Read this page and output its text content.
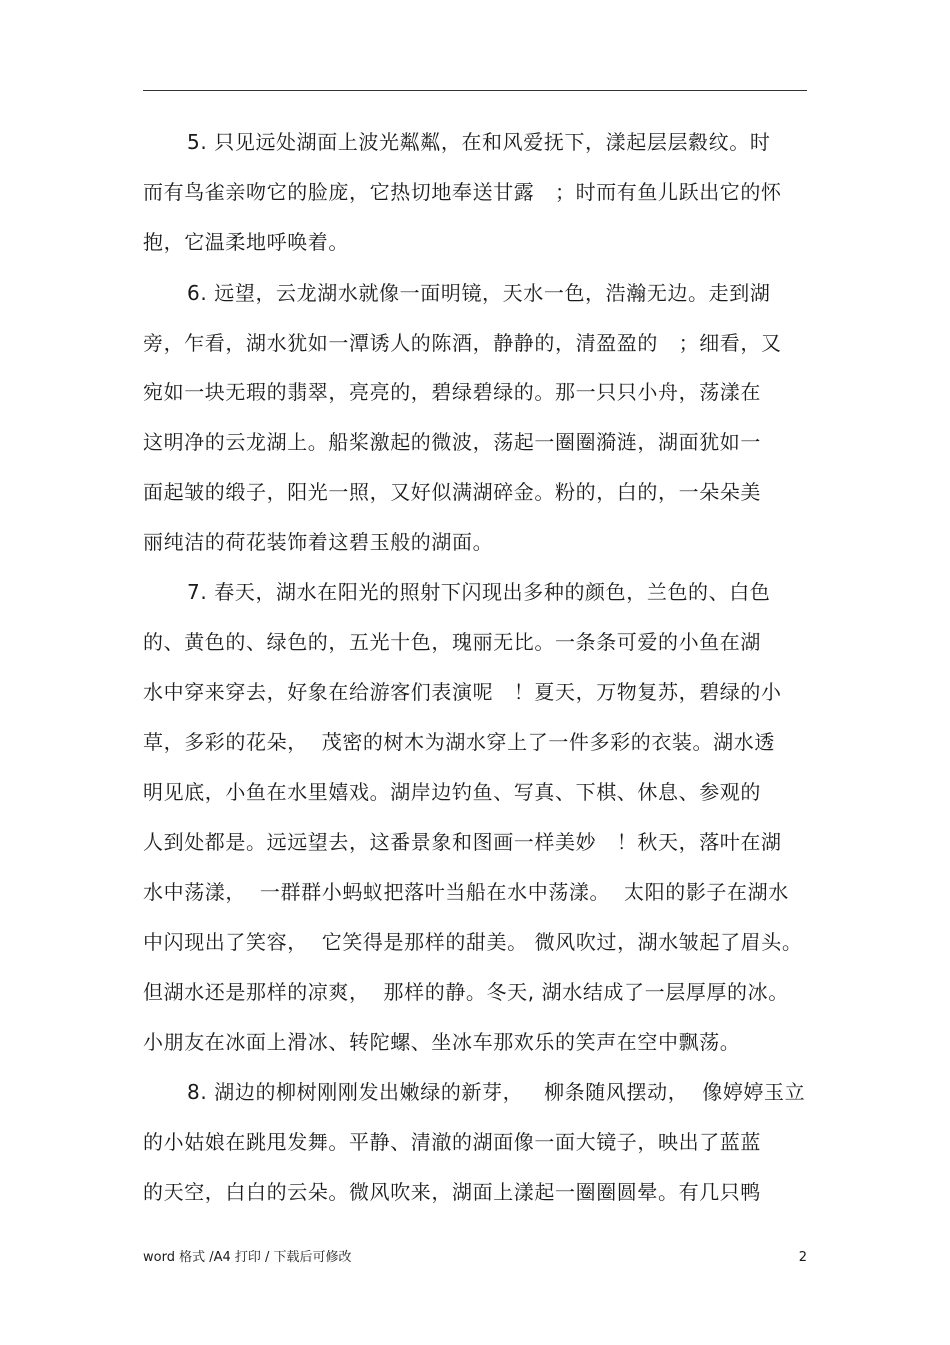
5. 只见远处湖面上波光粼粼，在和风爱抚下，漾起层层縠纹。时
而有鸟雀亲吻它的脸庞，它热切地奉送甘露　；时而有鱼儿跃出它的怀
抱，它温柔地呼唤着。
6. 远望，云龙湖水就像一面明镜，天水一色，浩瀚无边。走到湖
旁，乍看，湖水犹如一潭诱人的陈酒，静静的，清盈盈的　；细看，又
宛如一块无瑕的翡翠，亮亮的，碧绿碧绿的。那一只只小舟，荡漾在
这明净的云龙湖上。船桨激起的微波，荡起一圈圈漪涟，湖面犹如一
面起皱的缎子，阳光一照，又好似满湖碎金。粉的，白的，一朵朵美
丽纯洁的荷花装饰着这碧玉般的湖面。
7. 春天，湖水在阳光的照射下闪现出多种的颜色，兰色的、白色
的、黄色的、绿色的，五光十色，瑰丽无比。一条条可爱的小鱼在湖
水中穿来穿去，好象在给游客们表演呢　！夏天，万物复苏，碧绿的小
草，多彩的花朵，  茂密的树木为湖水穿上了一件多彩的衣装。湖水透
明见底，小鱼在水里嬉戏。湖岸边钓鱼、写真、下棋、休息、参观的
人到处都是。远远望去，这番景象和图画一样美妙　！秋天，落叶在湖
水中荡漾，  一群群小蚂蚁把落叶当船在水中荡漾。  太阳的影子在湖水
中闪现出了笑容，  它笑得是那样的甜美。 微风吹过，湖水皱起了眉头。
但湖水还是那样的凉爽，  那样的静。冬天, 湖水结成了一层厚厚的冰。
小朋友在冰面上滑冰、转陀螺、坐冰车那欢乐的笑声在空中飘荡。
8. 湖边的柳树刚刚发出嫩绿的新芽，   柳条随风摆动，  像婷婷玉立
的小姑娘在跳甩发舞。平静、清澈的湖面像一面大镜子，映出了蓝蓝
的天空，白白的云朵。微风吹来，湖面上漾起一圈圈圆晕。有几只鸭
word 格式 /A4 打印 / 下载后可修改	2
